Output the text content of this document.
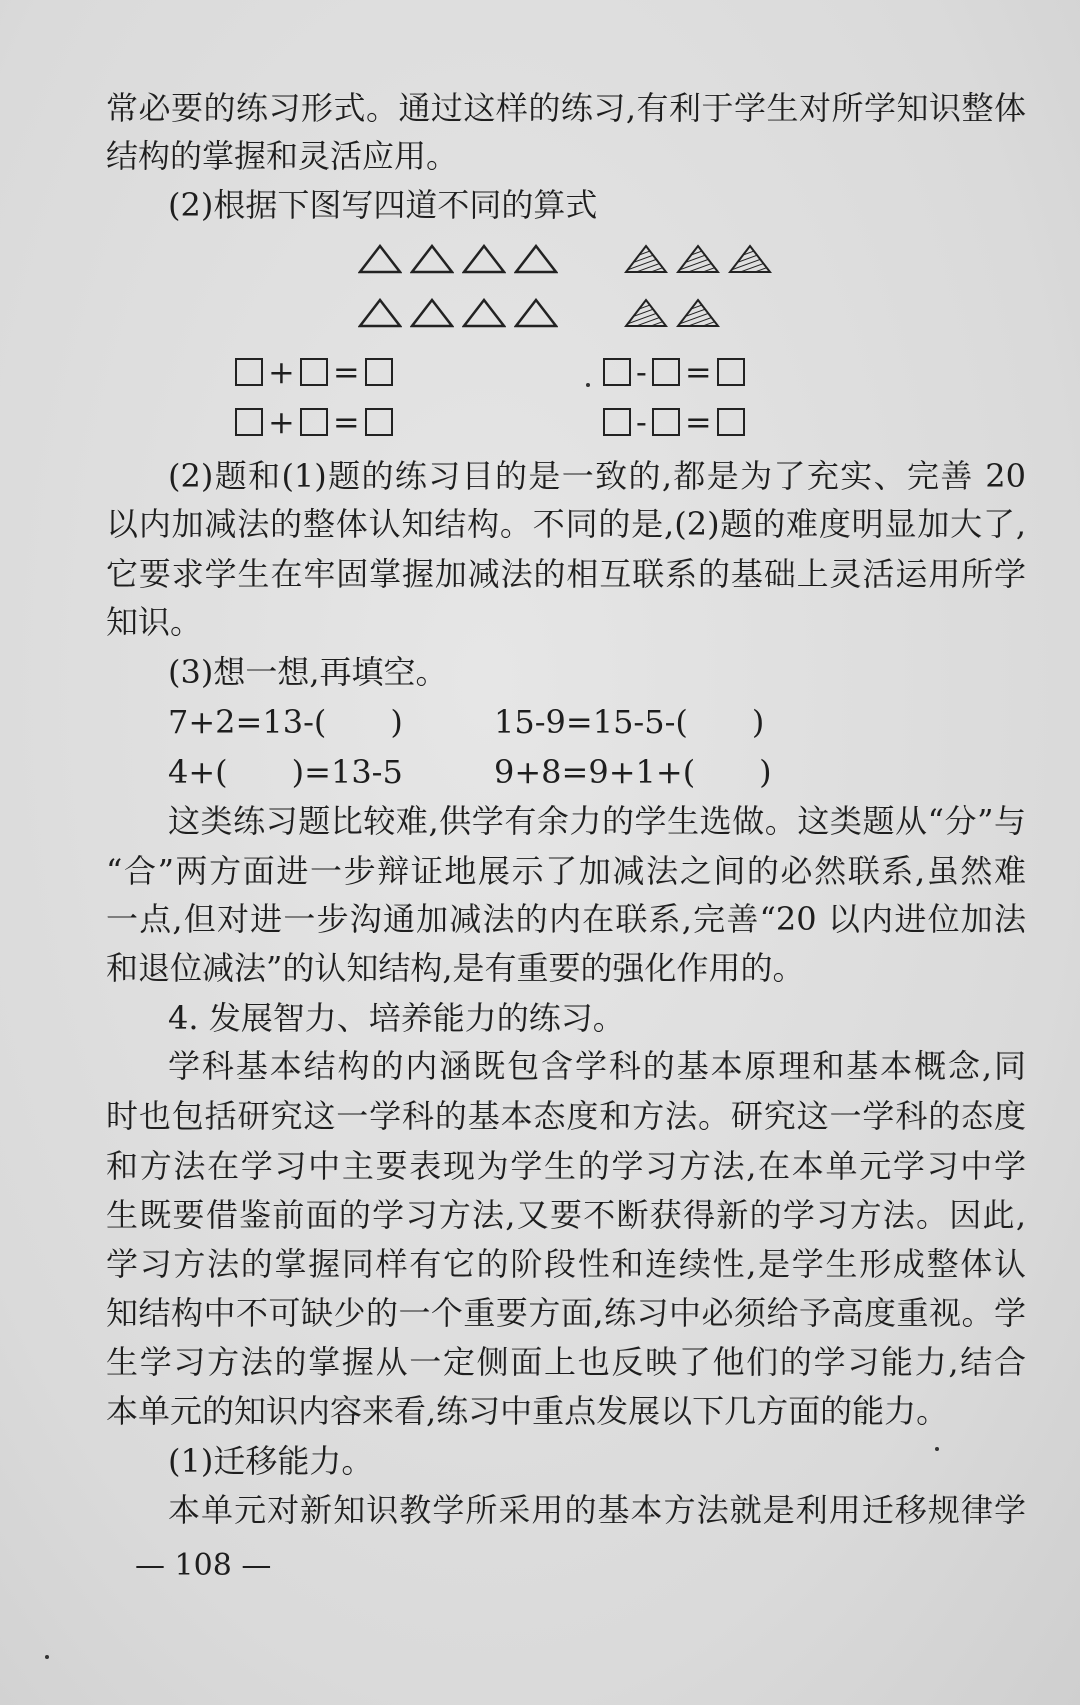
常必要的练习形式。通过这样的练习,有利于学生对所学知识整体
结构的掌握和灵活应用。
(2)根据下图写四道不同的算式
+ =	- =
+ =	- =
(2)题和(1)题的练习目的是一致的,都是为了充实、完善 20
以内加减法的整体认知结构。不同的是,(2)题的难度明显加大了,
它要求学生在牢固掌握加减法的相互联系的基础上灵活运用所学
知识。
(3)想一想,再填空。
7+2=13-(　　)	15-9=15-5-(　　)
4+(　　)=13-5	9+8=9+1+(　　)
这类练习题比较难,供学有余力的学生选做。这类题从“分”与
“合”两方面进一步辩证地展示了加减法之间的必然联系,虽然难
一点,但对进一步沟通加减法的内在联系,完善“20 以内进位加法
和退位减法”的认知结构,是有重要的强化作用的。
4. 发展智力、培养能力的练习。
学科基本结构的内涵既包含学科的基本原理和基本概念,同
时也包括研究这一学科的基本态度和方法。研究这一学科的态度
和方法在学习中主要表现为学生的学习方法,在本单元学习中学
生既要借鉴前面的学习方法,又要不断获得新的学习方法。因此,
学习方法的掌握同样有它的阶段性和连续性,是学生形成整体认
知结构中不可缺少的一个重要方面,练习中必须给予高度重视。学
生学习方法的掌握从一定侧面上也反映了他们的学习能力,结合
本单元的知识内容来看,练习中重点发展以下几方面的能力。
(1)迁移能力。
本单元对新知识教学所采用的基本方法就是利用迁移规律学
— 108 —
